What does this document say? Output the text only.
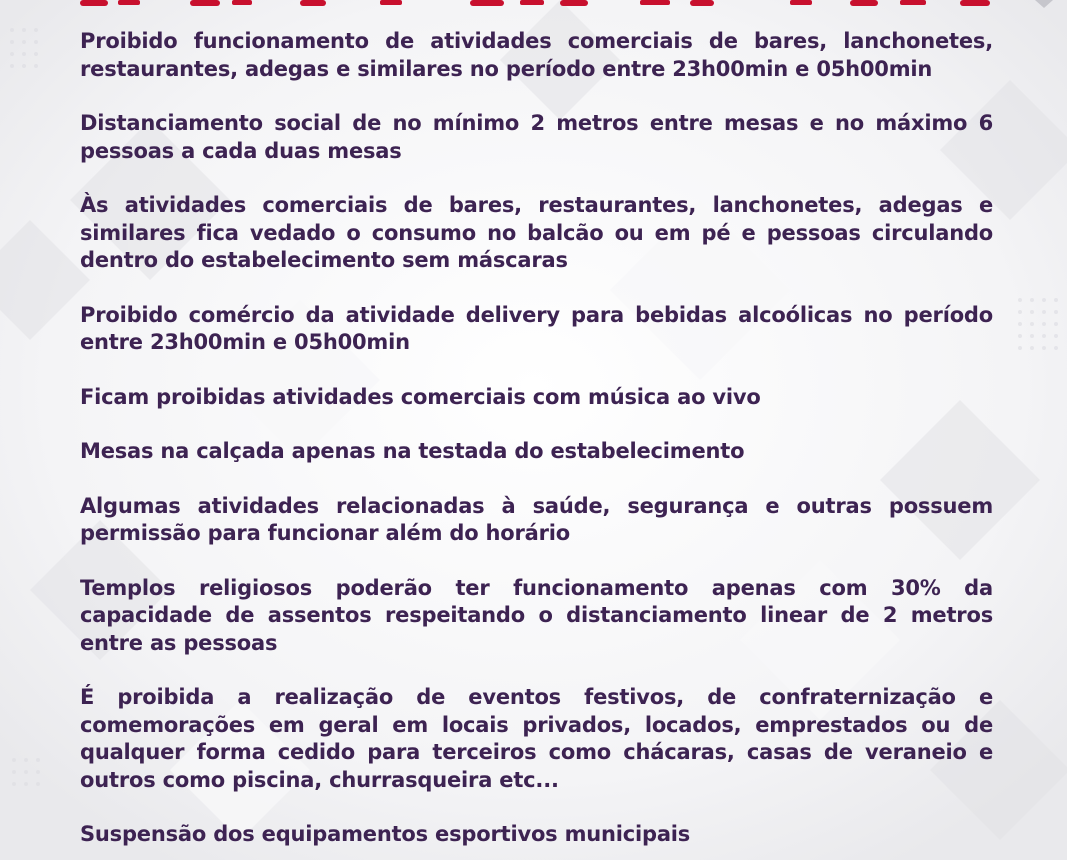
Proibido funcionamento de atividades comerciais de bares, lanchonetes, restaurantes, adegas e similares no período entre 23h00min e 05h00min

Distanciamento social de no mínimo 2 metros entre mesas e no máximo 6 pessoas a cada duas mesas

Às atividades comerciais de bares, restaurantes, lanchonetes, adegas e similares fica vedado o consumo no balcão ou em pé e pessoas circulando dentro do estabelecimento sem máscaras

Proibido comércio da atividade delivery para bebidas alcoólicas no período entre 23h00min e 05h00min

Ficam proibidas atividades comerciais com música ao vivo

Mesas na calçada apenas na testada do estabelecimento

Algumas atividades relacionadas à saúde, segurança e outras possuem permissão para funcionar além do horário

Templos religiosos poderão ter funcionamento apenas com 30% da capacidade de assentos respeitando o distanciamento linear de 2 metros entre as pessoas

É proibida a realização de eventos festivos, de confraternização e comemorações em geral em locais privados, locados, emprestados ou de qualquer forma cedido para terceiros como chácaras, casas de veraneio e outros como piscina, churrasqueira etc...

Suspensão dos equipamentos esportivos municipais
